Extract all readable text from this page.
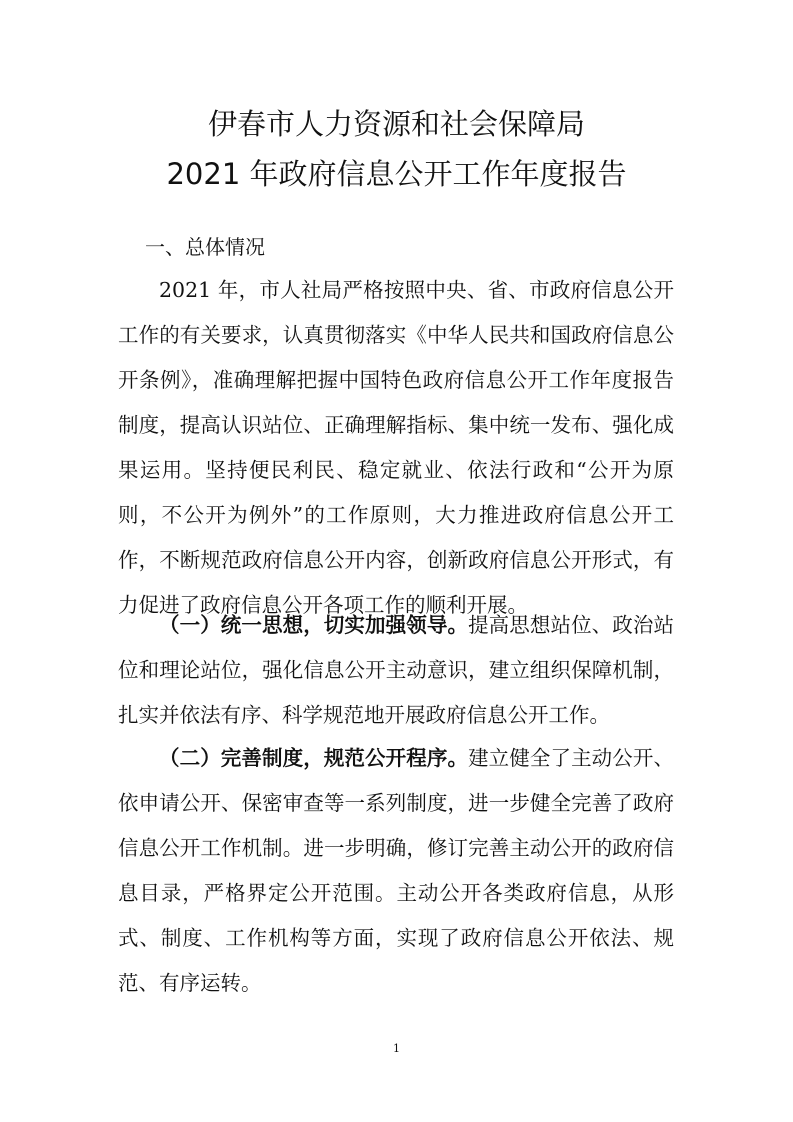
伊春市人力资源和社会保障局
2021 年政府信息公开工作年度报告
一、总体情况

2021 年，市人社局严格按照中央、省、市政府信息公开工作的有关要求，认真贯彻落实《中华人民共和国政府信息公开条例》，准确理解把握中国特色政府信息公开工作年度报告制度，提高认识站位、正确理解指标、集中统一发布、强化成果运用。坚持便民利民、稳定就业、依法行政和“公开为原则，不公开为例外”的工作原则，大力推进政府信息公开工作，不断规范政府信息公开内容，创新政府信息公开形式，有力促进了政府信息公开各项工作的顺利开展。

（一）统一思想，切实加强领导。提高思想站位、政治站位和理论站位，强化信息公开主动意识，建立组织保障机制，扎实并依法有序、科学规范地开展政府信息公开工作。

（二）完善制度，规范公开程序。建立健全了主动公开、依申请公开、保密审查等一系列制度，进一步健全完善了政府信息公开工作机制。进一步明确，修订完善主动公开的政府信息目录，严格界定公开范围。主动公开各类政府信息，从形式、制度、工作机构等方面，实现了政府信息公开依法、规范、有序运转。

1
